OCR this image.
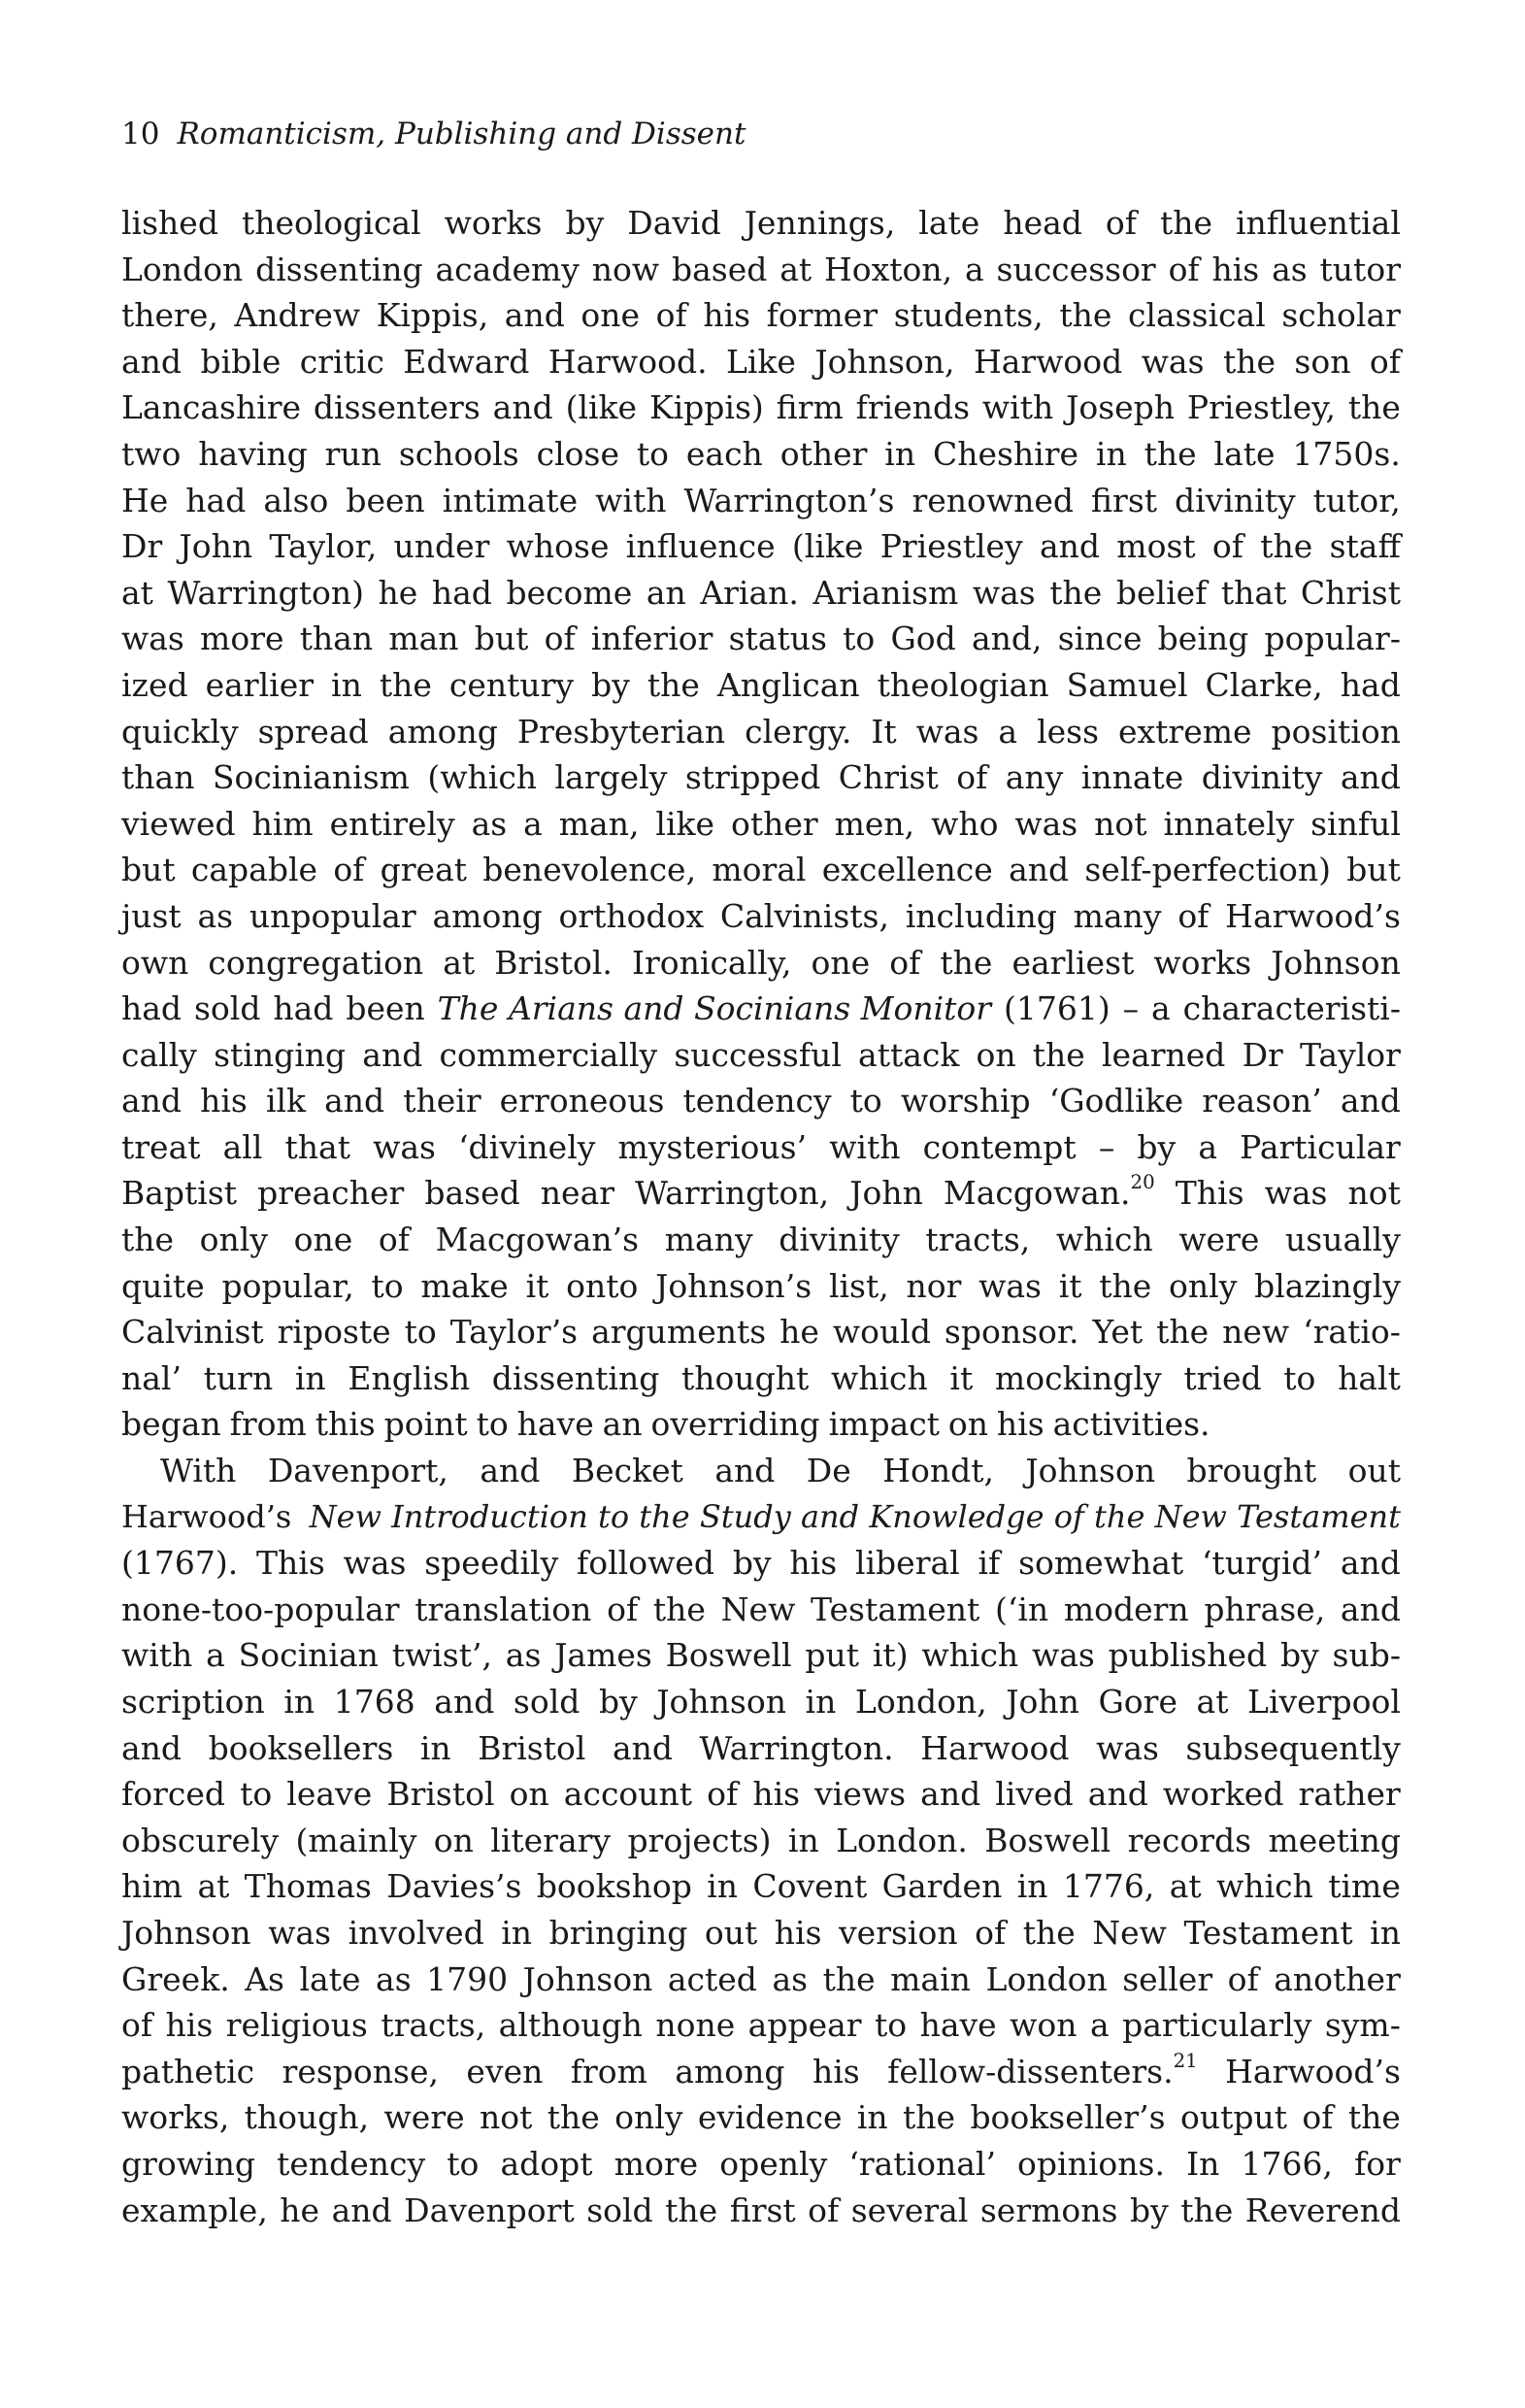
10 Romanticism, Publishing and Dissent
lished theological works by David Jennings, late head of the influential
London dissenting academy now based at Hoxton, a successor of his as tutor
there, Andrew Kippis, and one of his former students, the classical scholar
and bible critic Edward Harwood. Like Johnson, Harwood was the son of
Lancashire dissenters and (like Kippis) firm friends with Joseph Priestley, the
two having run schools close to each other in Cheshire in the late 1750s.
He had also been intimate with Warrington’s renowned first divinity tutor,
Dr John Taylor, under whose influence (like Priestley and most of the staff
at Warrington) he had become an Arian. Arianism was the belief that Christ
was more than man but of inferior status to God and, since being popular-
ized earlier in the century by the Anglican theologian Samuel Clarke, had
quickly spread among Presbyterian clergy. It was a less extreme position
than Socinianism (which largely stripped Christ of any innate divinity and
viewed him entirely as a man, like other men, who was not innately sinful
but capable of great benevolence, moral excellence and self-perfection) but
just as unpopular among orthodox Calvinists, including many of Harwood’s
own congregation at Bristol. Ironically, one of the earliest works Johnson
had sold had been The Arians and Socinians Monitor (1761) – a characteristi-
cally stinging and commercially successful attack on the learned Dr Taylor
and his ilk and their erroneous tendency to worship ‘Godlike reason’ and
treat all that was ‘divinely mysterious’ with contempt – by a Particular
Baptist preacher based near Warrington, John Macgowan.$^{20}$ This was not
the only one of Macgowan’s many divinity tracts, which were usually
quite popular, to make it onto Johnson’s list, nor was it the only blazingly
Calvinist riposte to Taylor’s arguments he would sponsor. Yet the new ‘ratio-
nal’ turn in English dissenting thought which it mockingly tried to halt
began from this point to have an overriding impact on his activities.
With Davenport, and Becket and De Hondt, Johnson brought out
Harwood’s New Introduction to the Study and Knowledge of the New Testament
(1767). This was speedily followed by his liberal if somewhat ‘turgid’ and
none-too-popular translation of the New Testament (‘in modern phrase, and
with a Socinian twist’, as James Boswell put it) which was published by sub-
scription in 1768 and sold by Johnson in London, John Gore at Liverpool
and booksellers in Bristol and Warrington. Harwood was subsequently
forced to leave Bristol on account of his views and lived and worked rather
obscurely (mainly on literary projects) in London. Boswell records meeting
him at Thomas Davies’s bookshop in Covent Garden in 1776, at which time
Johnson was involved in bringing out his version of the New Testament in
Greek. As late as 1790 Johnson acted as the main London seller of another
of his religious tracts, although none appear to have won a particularly sym-
pathetic response, even from among his fellow-dissenters.$^{21}$ Harwood’s
works, though, were not the only evidence in the bookseller’s output of the
growing tendency to adopt more openly ‘rational’ opinions. In 1766, for
example, he and Davenport sold the first of several sermons by the Reverend
